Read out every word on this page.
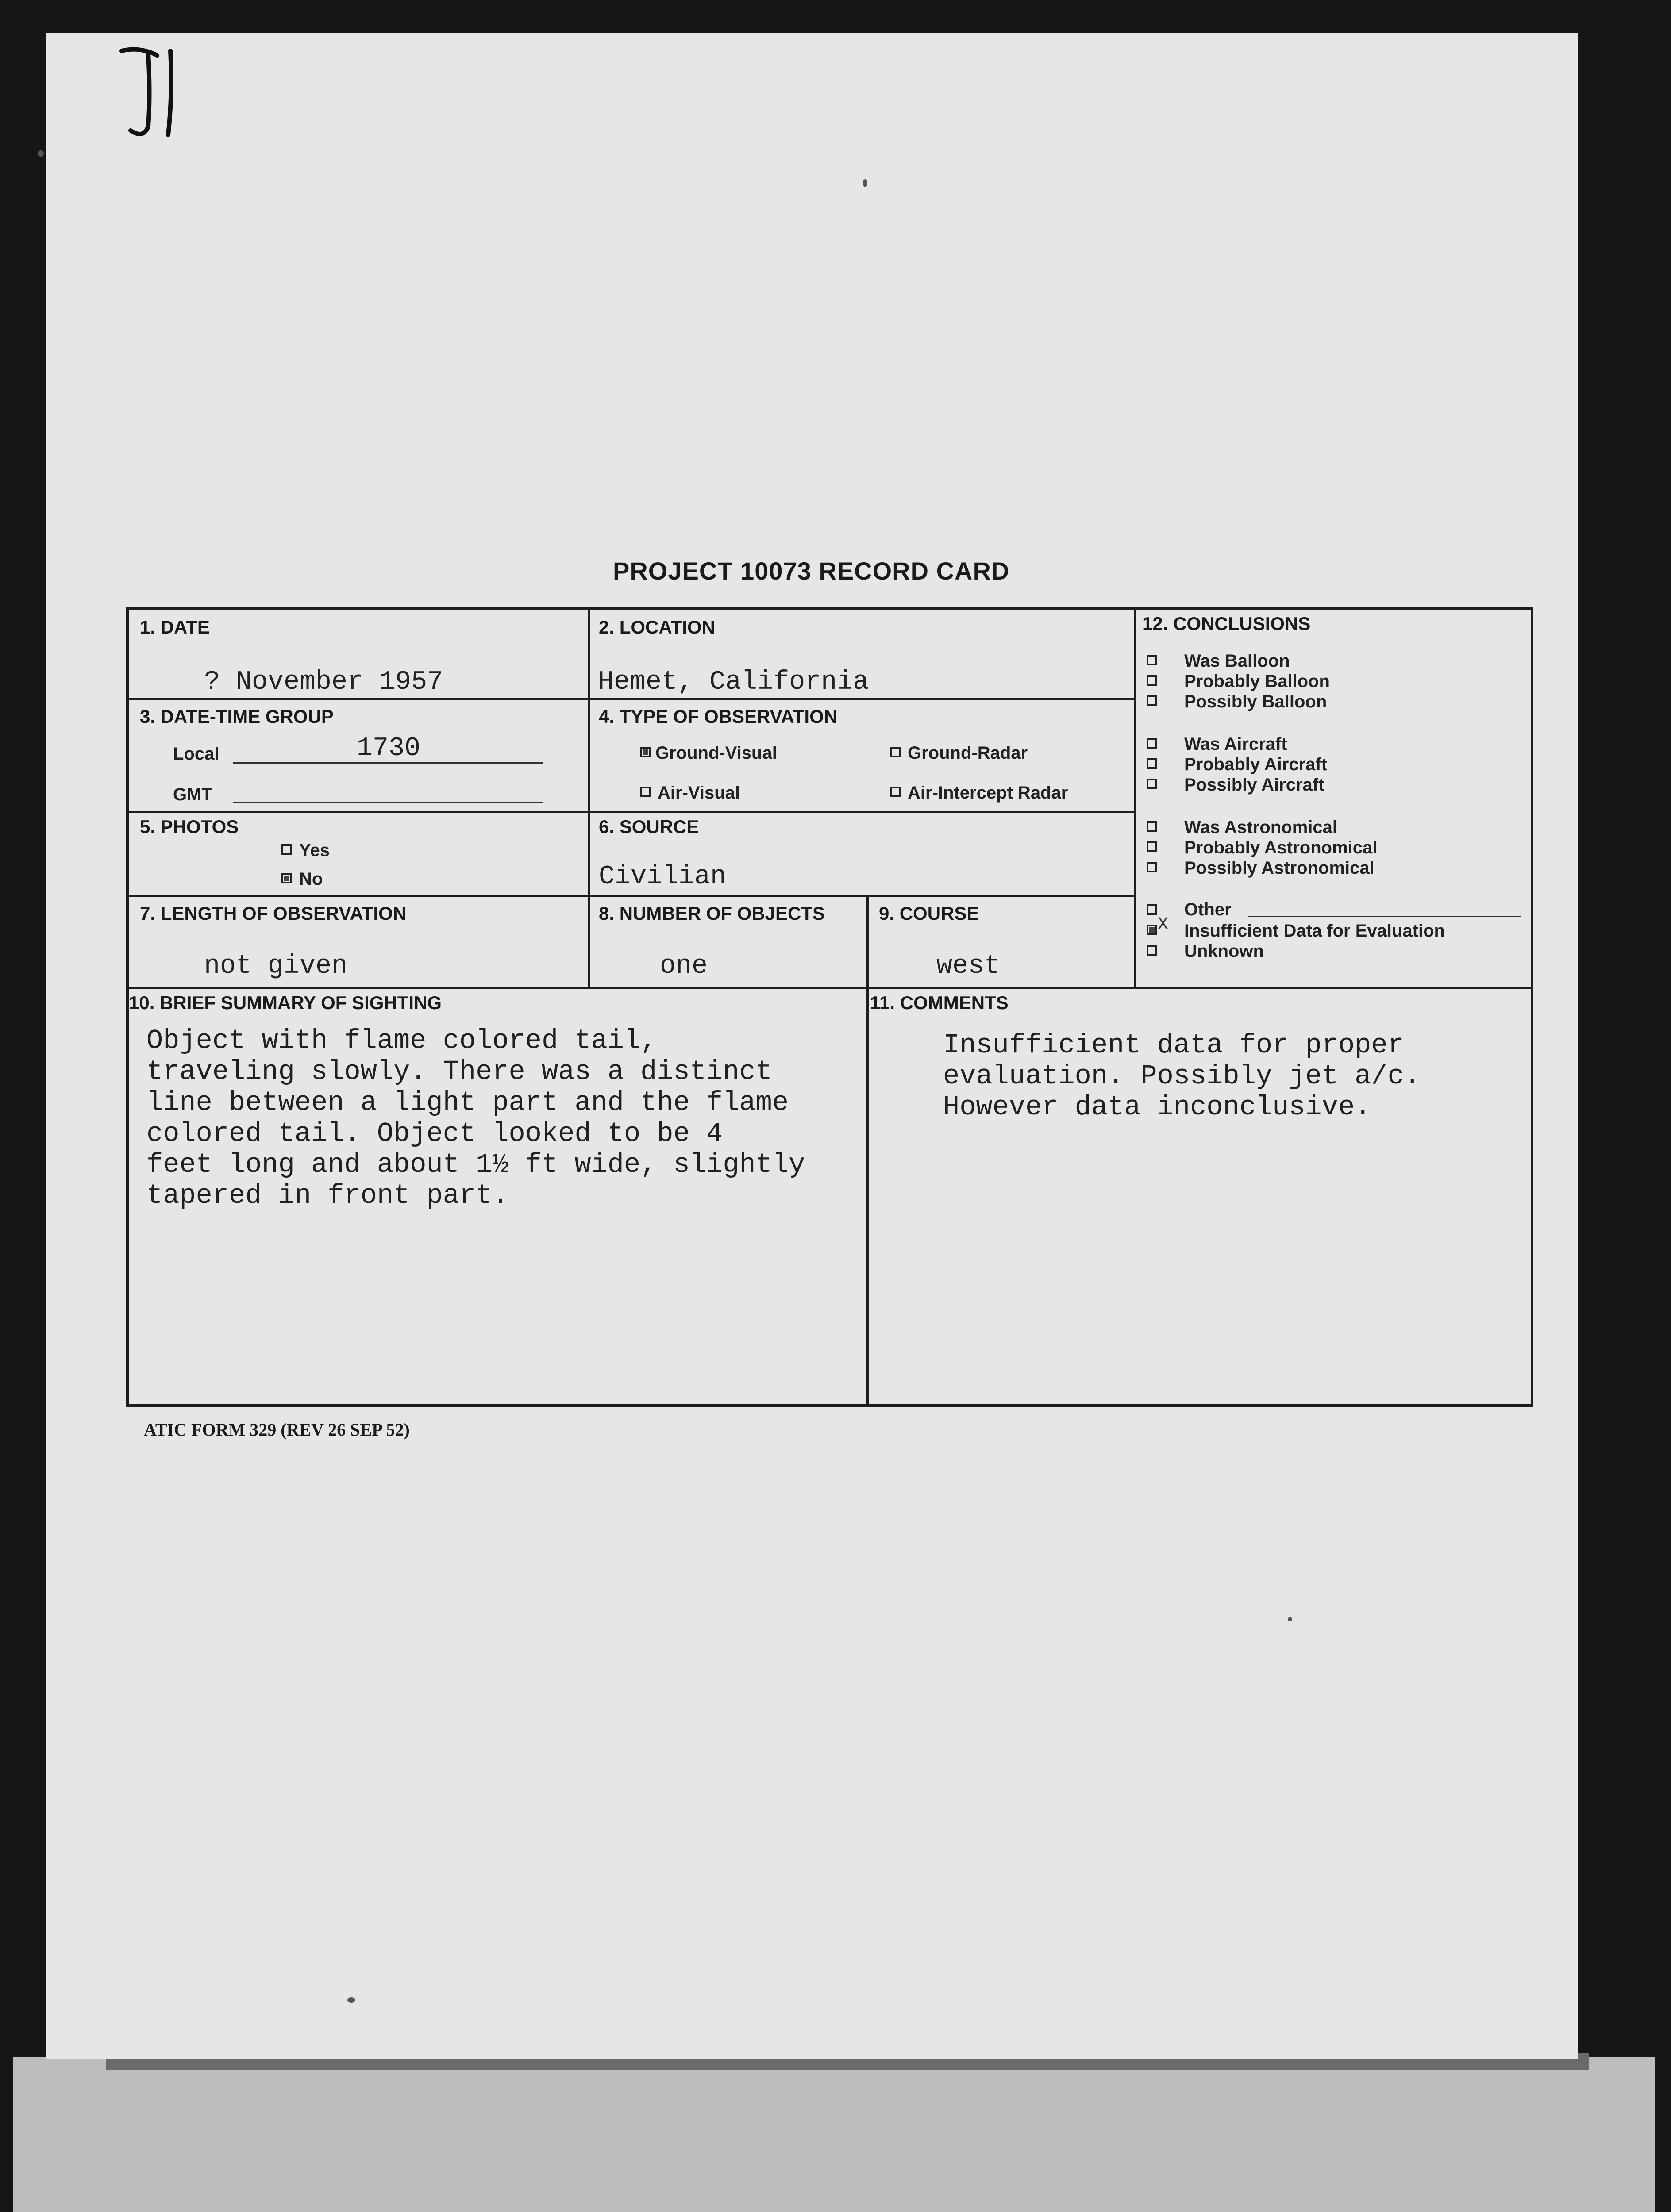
PROJECT 10073 RECORD CARD
1. DATE
? November 1957
2. LOCATION
Hemet, California
3. DATE-TIME GROUP
Local	1730
GMT
4. TYPE OF OBSERVATION
Ground-Visual	Ground-Radar
Air-Visual	Air-Intercept Radar
5. PHOTOS
Yes
No
6. SOURCE
Civilian
7. LENGTH OF OBSERVATION
not given
8. NUMBER OF OBJECTS
one
9. COURSE
west
10. BRIEF SUMMARY OF SIGHTING
Object with flame colored tail,
traveling slowly. There was a distinct
line between a light part and the flame
colored tail. Object looked to be 4
feet long and about 1½ ft wide, slightly
tapered in front part.
11. COMMENTS
Insufficient data for proper
evaluation. Possibly jet a/c.
However data inconclusive.
12. CONCLUSIONS
Was Balloon
Probably Balloon
Possibly Balloon
Was Aircraft
Probably Aircraft
Possibly Aircraft
Was Astronomical
Probably Astronomical
Possibly Astronomical
Other
X Insufficient Data for Evaluation
Unknown
ATIC FORM 329 (REV 26 SEP 52)
